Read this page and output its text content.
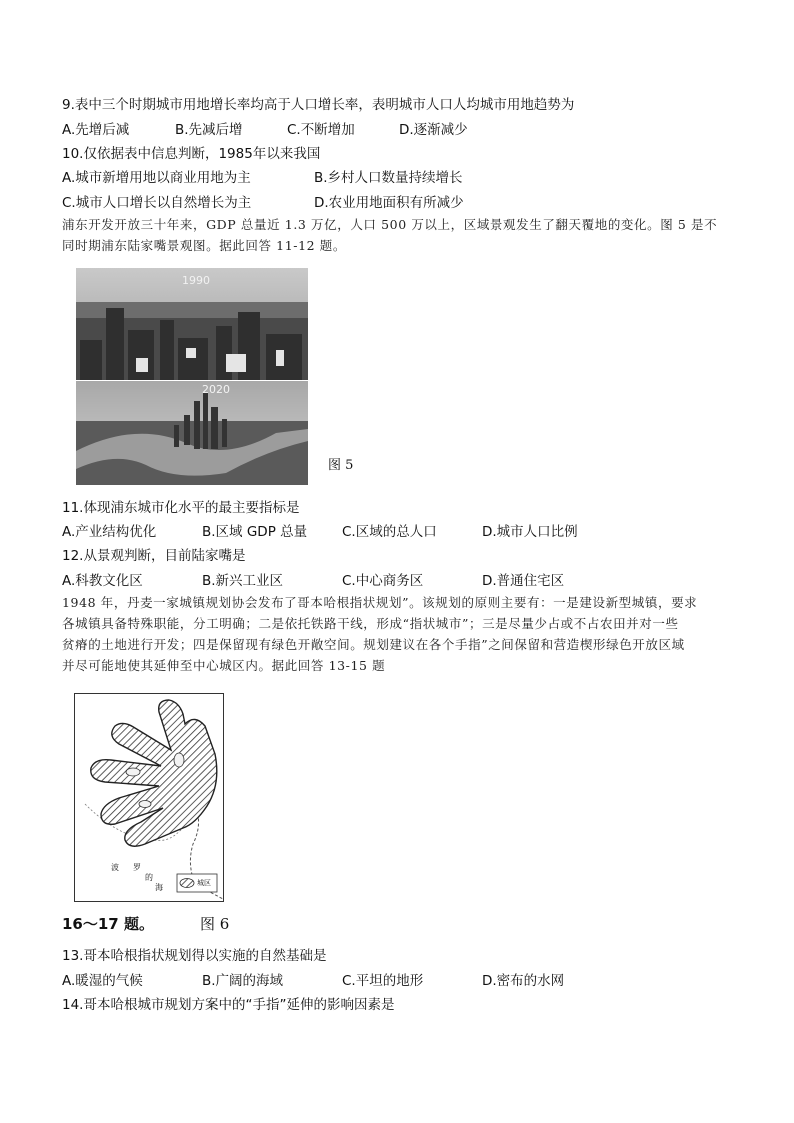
9.表中三个时期城市用地增长率均高于人口增长率，表明城市人口人均城市用地趋势为
A.先增后减	B.先减后增	C.不断增加	D.逐渐减少
10.仅依据表中信息判断，1985年以来我国
A.城市新增用地以商业用地为主	B.乡村人口数量持续增长
C.城市人口增长以自然增长为主	D.农业用地面积有所减少
浦东开发开放三十年来，GDP 总量近 1.3 万亿，人口 500 万以上，区域景观发生了翻天覆地的变化。图 5 是不
同时期浦东陆家嘴景观图。据此回答 11-12 题。
1990
2020
图 5
11.体现浦东城市化水平的最主要指标是
A.产业结构优化	B.区域 GDP 总量	C.区域的总人口	D.城市人口比例
12.从景观判断，目前陆家嘴是
A.科教文化区	B.新兴工业区	C.中心商务区	D.普通住宅区
1948 年，丹麦一家城镇规划协会发布了哥本哈根指状规划”。该规划的原则主要有：一是建设新型城镇，要求
各城镇具备特殊职能，分工明确；二是依托铁路干线，形成“指状城市”；三是尽量少占或不占农田并对一些
贫瘠的土地进行开发；四是保留现有绿色开敞空间。规划建议在各个手指”之间保留和营造楔形绿色开放区域
并尽可能地使其延伸至中心城区内。据此回答 13-15 题
波 罗
的
海	城区
16～17 题。	图 6
13.哥本哈根指状规划得以实施的自然基础是
A.暖湿的气候	B.广阔的海域	C.平坦的地形	D.密布的水网
14.哥本哈根城市规划方案中的“手指”延伸的影响因素是
